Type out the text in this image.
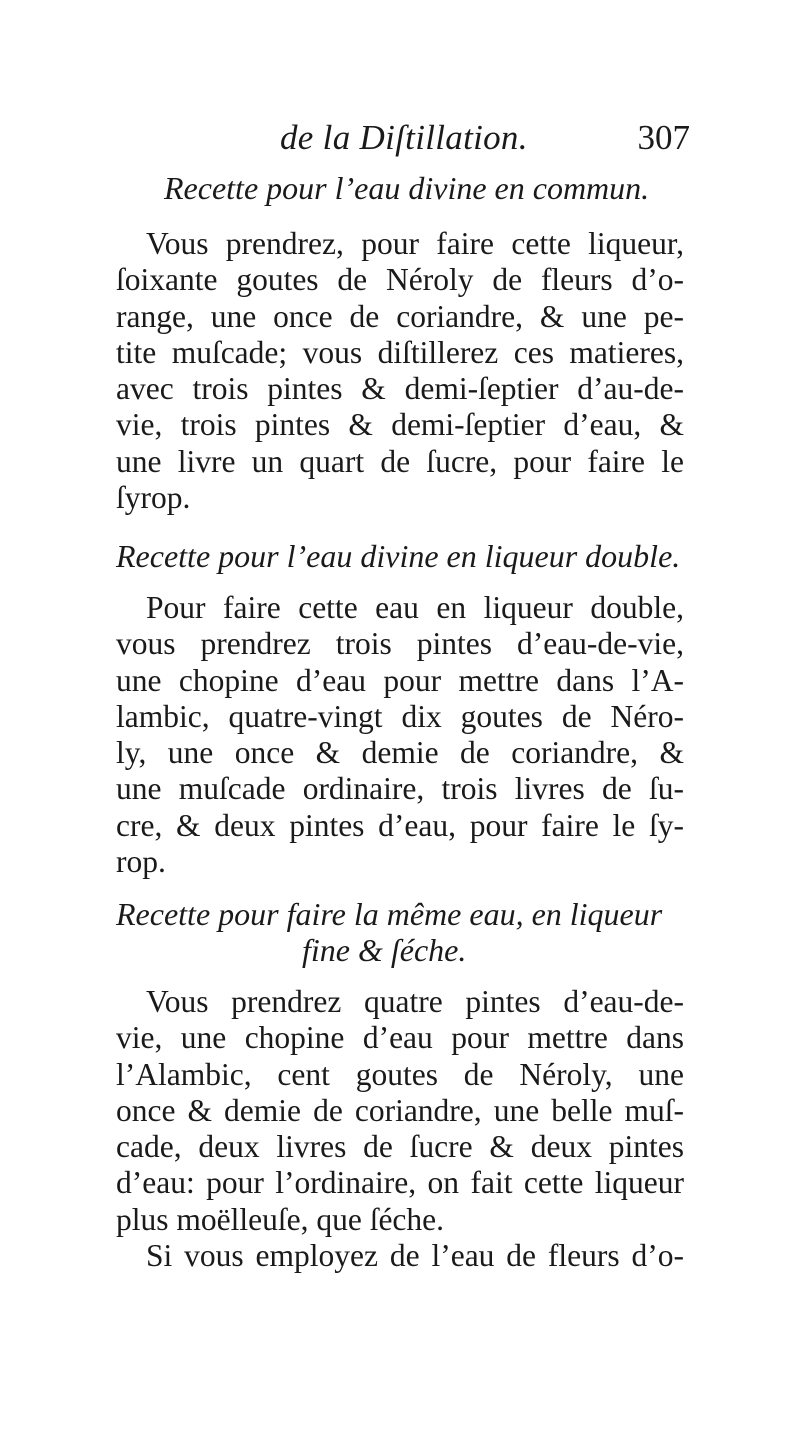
de la Diſtillation.	307
Recette pour l’eau divine en commun.
Vous prendrez, pour faire cette liqueur,
ſoixante goutes de Néroly de fleurs d’o-
range, une once de coriandre, & une pe-
tite muſcade; vous diſtillerez ces matieres,
avec trois pintes & demi-ſeptier d’au-de-
vie, trois pintes & demi-ſeptier d’eau, &
une livre un quart de ſucre, pour faire le
ſyrop.
Recette pour l’eau divine en liqueur double.
Pour faire cette eau en liqueur double,
vous prendrez trois pintes d’eau-de-vie,
une chopine d’eau pour mettre dans l’A-
lambic, quatre-vingt dix goutes de Néro-
ly, une once & demie de coriandre, &
une muſcade ordinaire, trois livres de ſu-
cre, & deux pintes d’eau, pour faire le ſy-
rop.
Recette pour faire la même eau, en liqueur
fine & ſéche.
Vous prendrez quatre pintes d’eau-de-
vie, une chopine d’eau pour mettre dans
l’Alambic, cent goutes de Néroly, une
once & demie de coriandre, une belle muſ-
cade, deux livres de ſucre & deux pintes
d’eau: pour l’ordinaire, on fait cette liqueur
plus moëlleuſe, que ſéche.
Si vous employez de l’eau de fleurs d’o-
